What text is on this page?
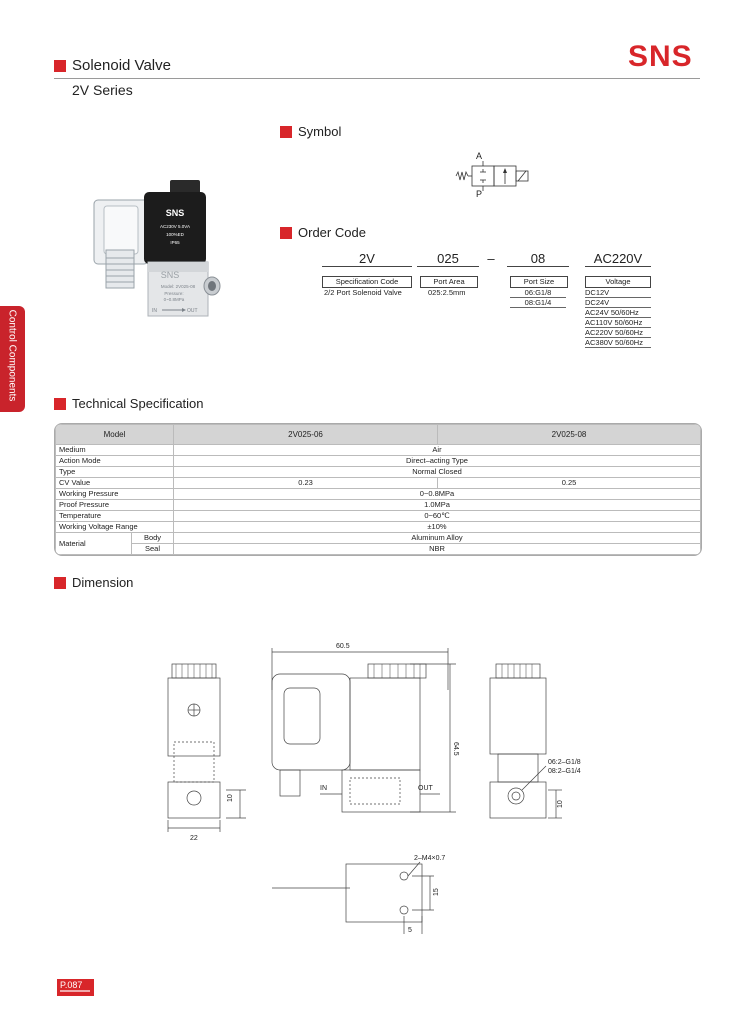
Solenoid Valve
2V Series
SNS
Control Components
SNS
AC230V 5.0VA
100%ED
IP65
SNS
Model: 2V025-08
Pressure:
0~0.8MPa
IN	OUT
Symbol
A
P
Order Code
2V	025	–	08	AC220V
Specification Code
2/2 Port Solenoid Valve
Port Area
025:2.5mm
Port Size
06:G1/8
08:G1/4
Voltage
DC12V
DC24V
AC24V 50/60Hz
AC110V 50/60Hz
AC220V 50/60Hz
AC380V 50/60Hz
Technical Specification
Model		2V025-06	2V025-08
Medium		Air	
Action Mode		Direct–acting Type	
Type		Normal Closed	
CV Value		0.23	0.25
Working Pressure		0~0.8MPa	
Proof Pressure		1.0MPa	
Temperature		0~60℃	
Working Voltage Range		±10%	
Material	Body	Aluminum Alloy	
	Seal	NBR	
Dimension
60.5
64.5
10
22
IN	OUT
06:2–G1/8
08:2–G1/4
10
2–M4×0.7
15
5
P.087
